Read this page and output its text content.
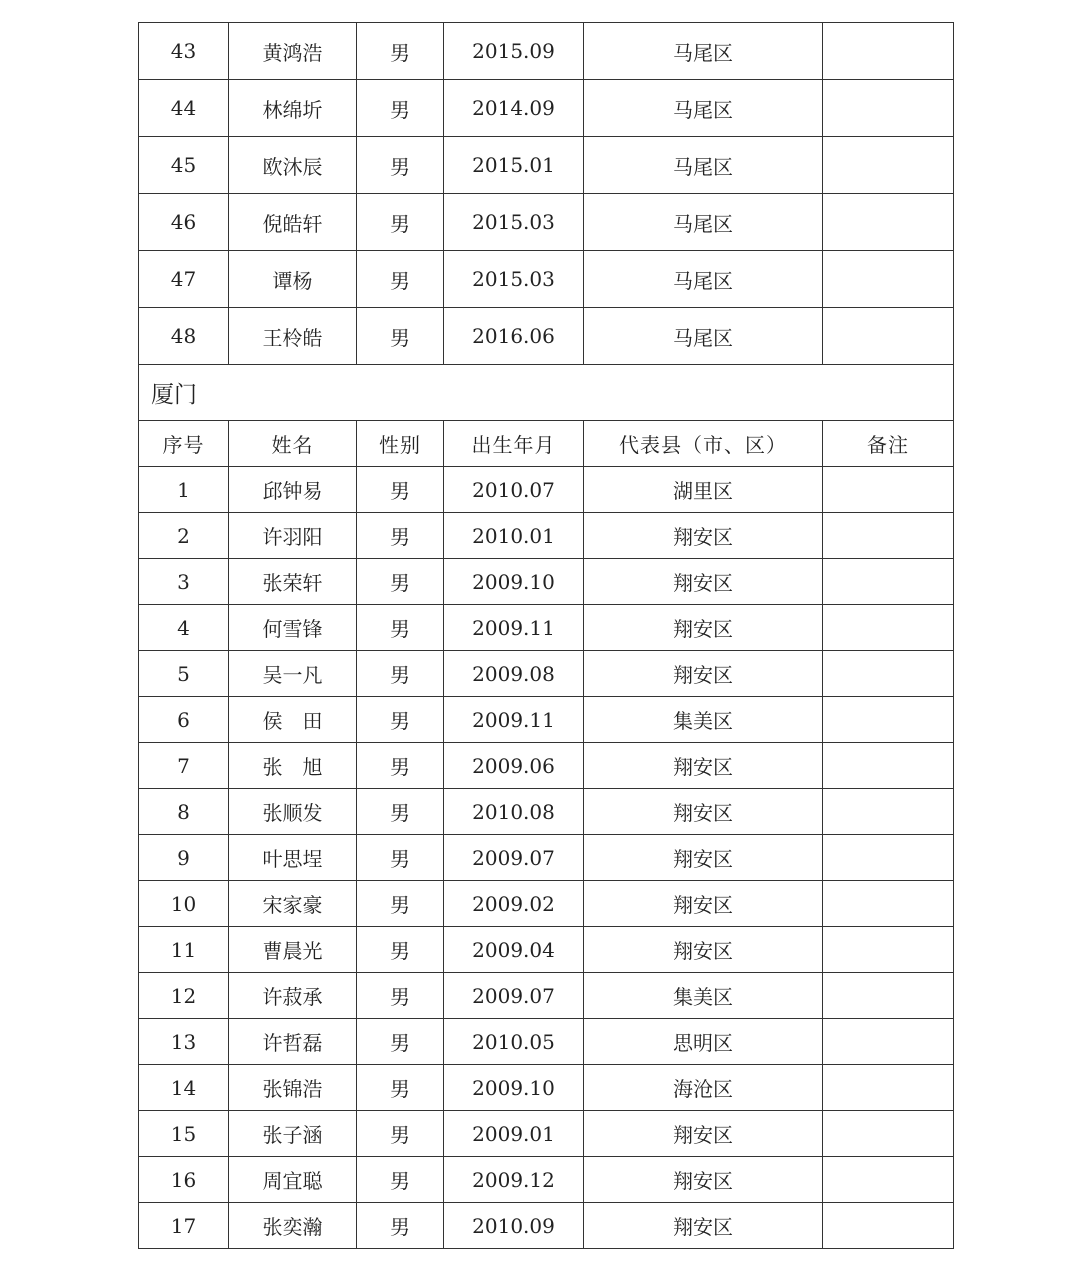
43	黄鸿浩	男	2015.09	马尾区	
44	林绵圻	男	2014.09	马尾区	
45	欧沐辰	男	2015.01	马尾区	
46	倪皓轩	男	2015.03	马尾区	
47	谭杨	男	2015.03	马尾区	
48	王柃皓	男	2016.06	马尾区	
厦门					
序号	姓名	性别	出生年月	代表县（市、区）	备注
1	邱钟易	男	2010.07	湖里区	
2	许羽阳	男	2010.01	翔安区	
3	张荣轩	男	2009.10	翔安区	
4	何雪锋	男	2009.11	翔安区	
5	吴一凡	男	2009.08	翔安区	
6	侯　田	男	2009.11	集美区	
7	张　旭	男	2009.06	翔安区	
8	张顺发	男	2010.08	翔安区	
9	叶思埕	男	2009.07	翔安区	
10	宋家豪	男	2009.02	翔安区	
11	曹晨光	男	2009.04	翔安区	
12	许菽承	男	2009.07	集美区	
13	许哲磊	男	2010.05	思明区	
14	张锦浩	男	2009.10	海沧区	
15	张子涵	男	2009.01	翔安区	
16	周宜聪	男	2009.12	翔安区	
17	张奕瀚	男	2010.09	翔安区	
